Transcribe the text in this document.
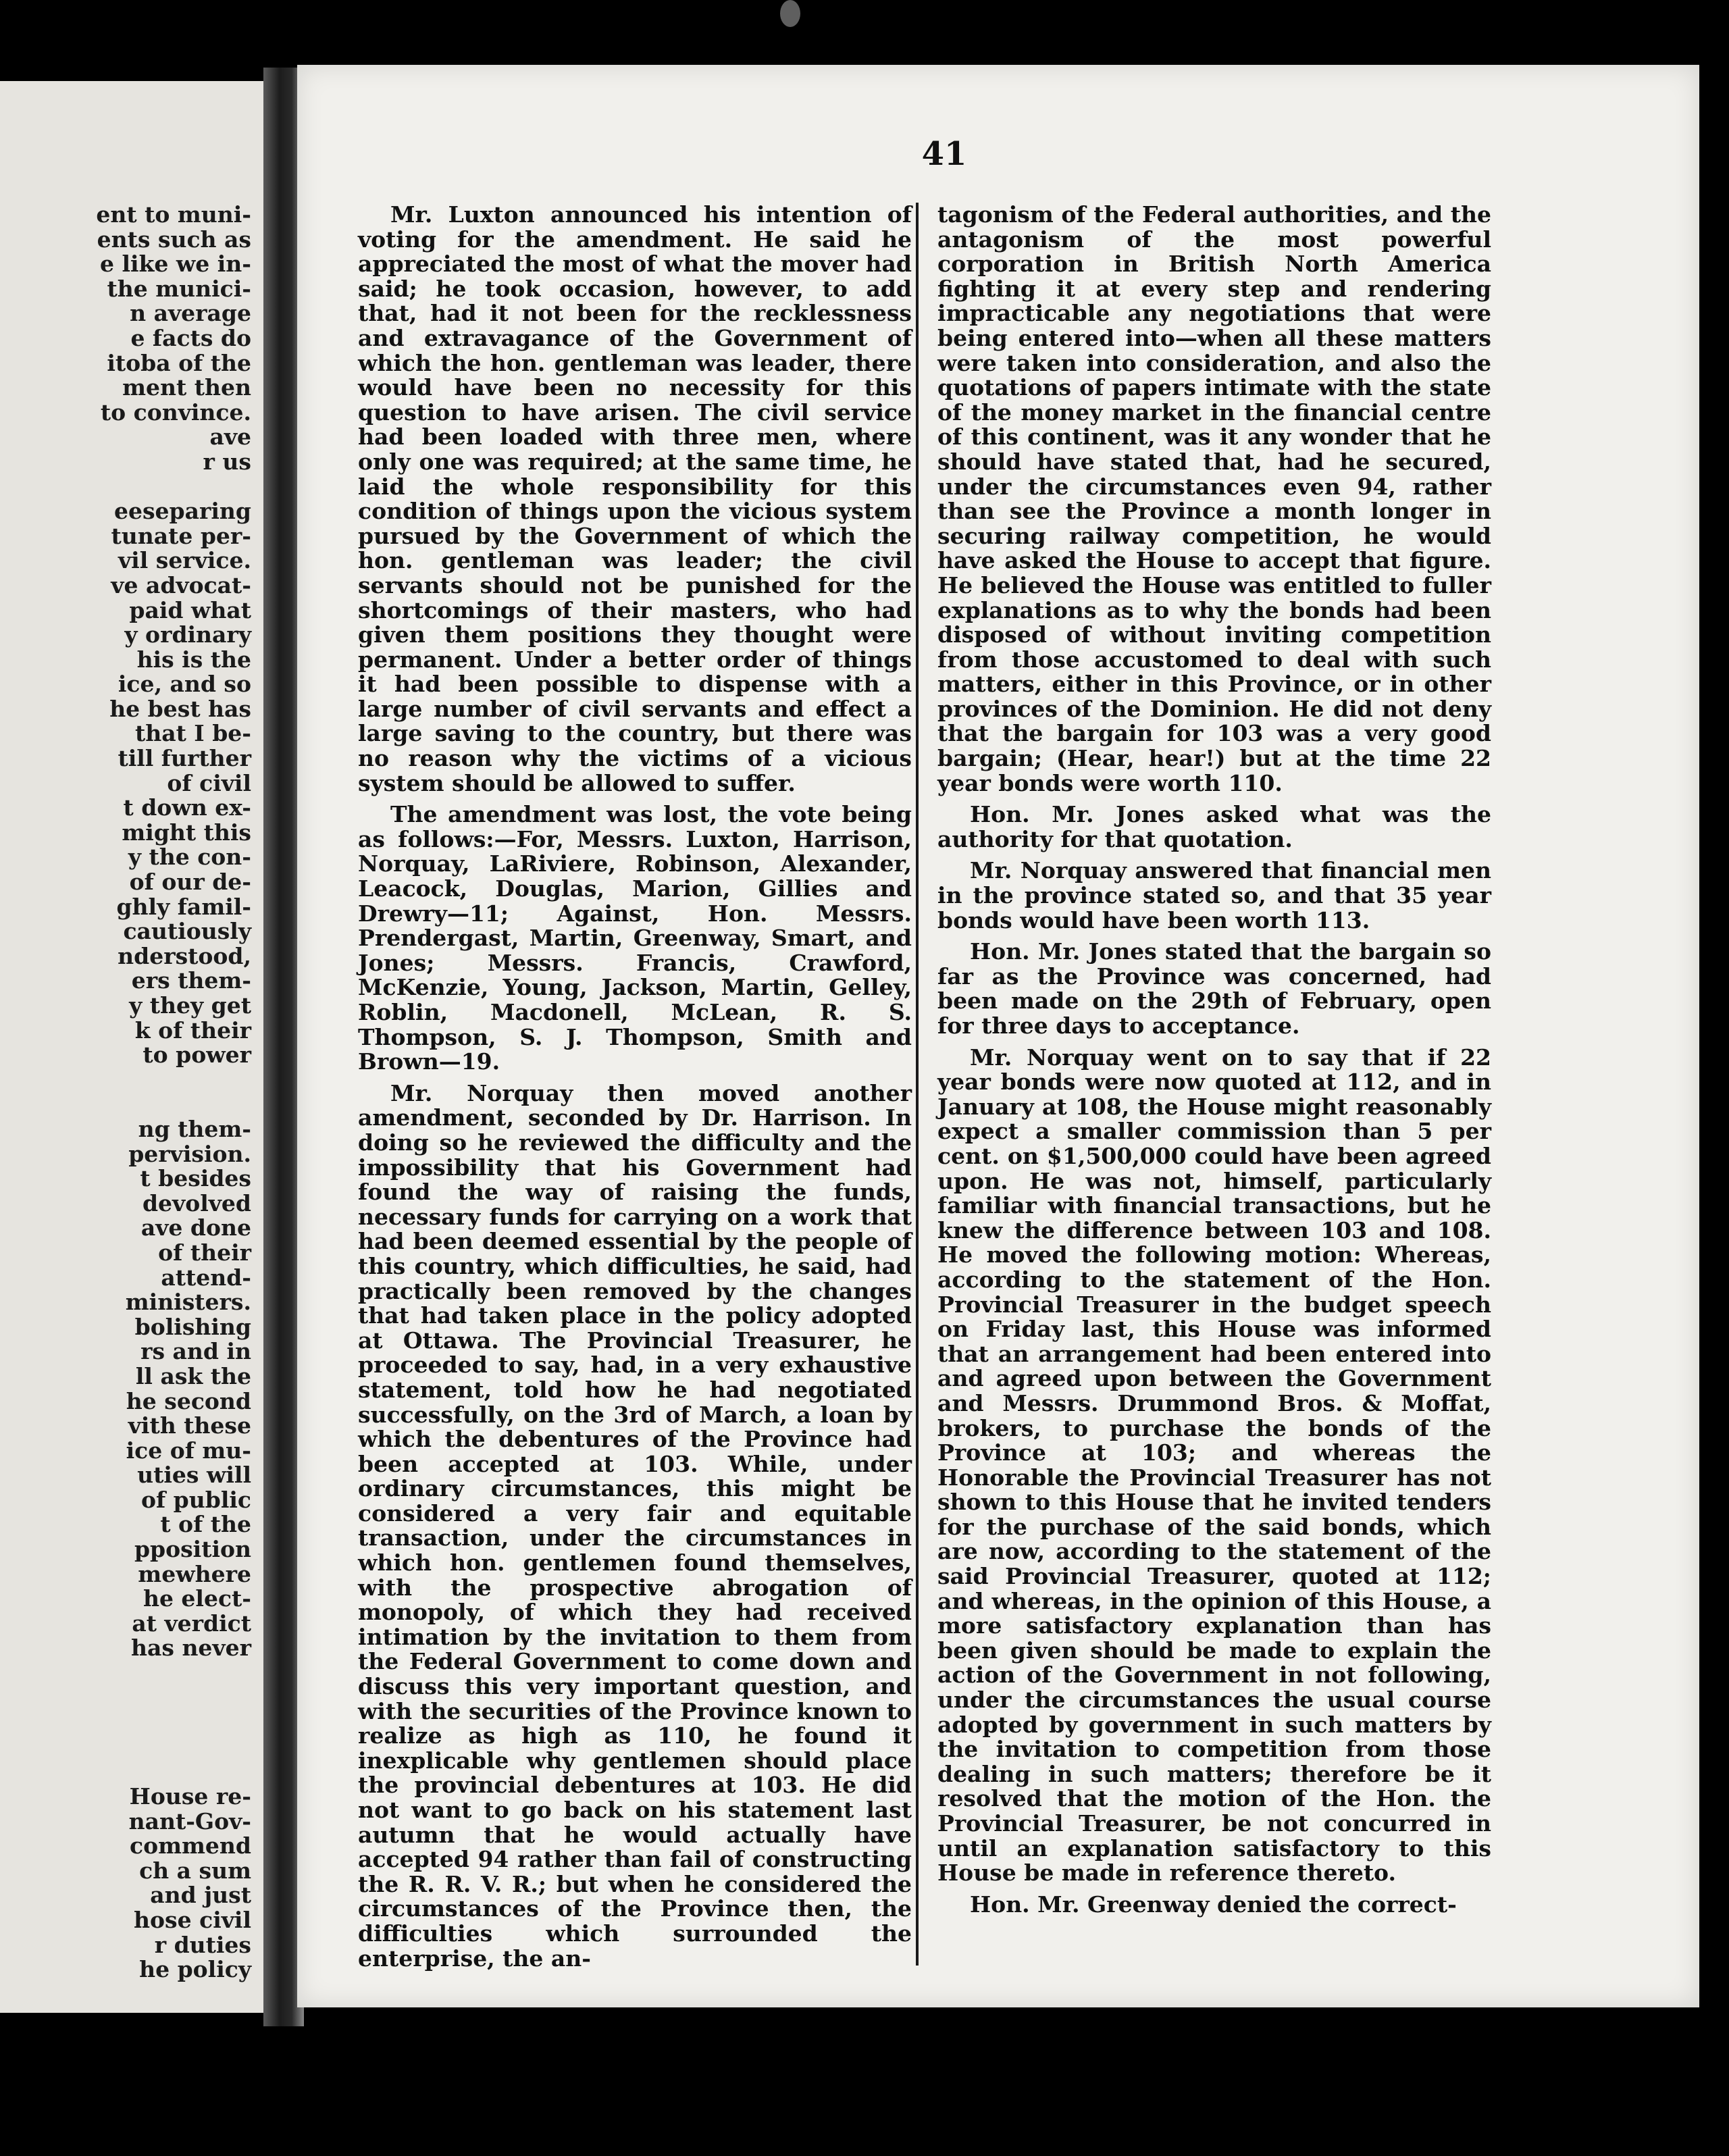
ent to muni-
ents such as
e like we in-
the munici-
n average
e facts do
itoba of the
ment then
to convince.
ave
r us

eeseparing
tunate per-
vil service.
ve advocat-
paid what
y ordinary
his is the
ice, and so
he best has
that I be-
till further
of civil
t down ex-
might this
y the con-
of our de-
ghly famil-
cautiously
nderstood,
ers them-
y they get
k of their
to power

ng them-
pervision.
t besides
devolved
ave done
of their
attend-
ministers.
bolishing
rs and in
ll ask the
he second
vith these
ice of mu-
uties will
of public
t of the
pposition
mewhere
he elect-
at verdict
has never

House re-
nant-Gov-
commend
ch a sum
and just
hose civil
r duties
he policy
41

Mr. Luxton announced his intention of voting for the amendment. He said he appreciated the most of what the mover had said; he took occasion, however, to add that, had it not been for the recklessness and extravagance of the Government of which the hon. gentleman was leader, there would have been no necessity for this question to have arisen. The civil service had been loaded with three men, where only one was required; at the same time, he laid the whole responsibility for this condition of things upon the vicious system pursued by the Government of which the hon. gentleman was leader; the civil servants should not be punished for the shortcomings of their masters, who had given them positions they thought were permanent. Under a better order of things it had been possible to dispense with a large number of civil servants and effect a large saving to the country, but there was no reason why the victims of a vicious system should be allowed to suffer.

The amendment was lost, the vote being as follows:—For, Messrs. Luxton, Harrison, Norquay, LaRiviere, Robinson, Alexander, Leacock, Douglas, Marion, Gillies and Drewry—11; Against, Hon. Messrs. Prendergast, Martin, Greenway, Smart, and Jones; Messrs. Francis, Crawford, McKenzie, Young, Jackson, Martin, Gelley, Roblin, Macdonell, McLean, R. S. Thompson, S. J. Thompson, Smith and Brown—19.

Mr. Norquay then moved another amendment, seconded by Dr. Harrison. In doing so he reviewed the difficulty and the impossibility that his Government had found the way of raising the funds, necessary funds for carrying on a work that had been deemed essential by the people of this country, which difficulties, he said, had practically been removed by the changes that had taken place in the policy adopted at Ottawa. The Provincial Treasurer, he proceeded to say, had, in a very exhaustive statement, told how he had negotiated successfully, on the 3rd of March, a loan by which the debentures of the Province had been accepted at 103. While, under ordinary circumstances, this might be considered a very fair and equitable transaction, under the circumstances in which hon. gentlemen found themselves, with the prospective abrogation of monopoly, of which they had received intimation by the invitation to them from the Federal Government to come down and discuss this very important question, and with the securities of the Province known to realize as high as 110, he found it inexplicable why gentlemen should place the provincial debentures at 103. He did not want to go back on his statement last autumn that he would actually have accepted 94 rather than fail of constructing the R. R. V. R.; but when he considered the circumstances of the Province then, the difficulties which surrounded the enterprise, the an-

tagonism of the Federal authorities, and the antagonism of the most powerful corporation in British North America fighting it at every step and rendering impracticable any negotiations that were being entered into—when all these matters were taken into consideration, and also the quotations of papers intimate with the state of the money market in the financial centre of this continent, was it any wonder that he should have stated that, had he secured, under the circumstances even 94, rather than see the Province a month longer in securing railway competition, he would have asked the House to accept that figure. He believed the House was entitled to fuller explanations as to why the bonds had been disposed of without inviting competition from those accustomed to deal with such matters, either in this Province, or in other provinces of the Dominion. He did not deny that the bargain for 103 was a very good bargain; (Hear, hear!) but at the time 22 year bonds were worth 110.

Hon. Mr. Jones asked what was the authority for that quotation.

Mr. Norquay answered that financial men in the province stated so, and that 35 year bonds would have been worth 113.

Hon. Mr. Jones stated that the bargain so far as the Province was concerned, had been made on the 29th of February, open for three days to acceptance.

Mr. Norquay went on to say that if 22 year bonds were now quoted at 112, and in January at 108, the House might reasonably expect a smaller commission than 5 per cent. on $1,500,000 could have been agreed upon. He was not, himself, particularly familiar with financial transactions, but he knew the difference between 103 and 108. He moved the following motion: Whereas, according to the statement of the Hon. Provincial Treasurer in the budget speech on Friday last, this House was informed that an arrangement had been entered into and agreed upon between the Government and Messrs. Drummond Bros. & Moffat, brokers, to purchase the bonds of the Province at 103; and whereas the Honorable the Provincial Treasurer has not shown to this House that he invited tenders for the purchase of the said bonds, which are now, according to the statement of the said Provincial Treasurer, quoted at 112; and whereas, in the opinion of this House, a more satisfactory explanation than has been given should be made to explain the action of the Government in not following, under the circumstances the usual course adopted by government in such matters by the invitation to competition from those dealing in such matters; therefore be it resolved that the motion of the Hon. the Provincial Treasurer, be not concurred in until an explanation satisfactory to this House be made in reference thereto.

Hon. Mr. Greenway denied the correct-
